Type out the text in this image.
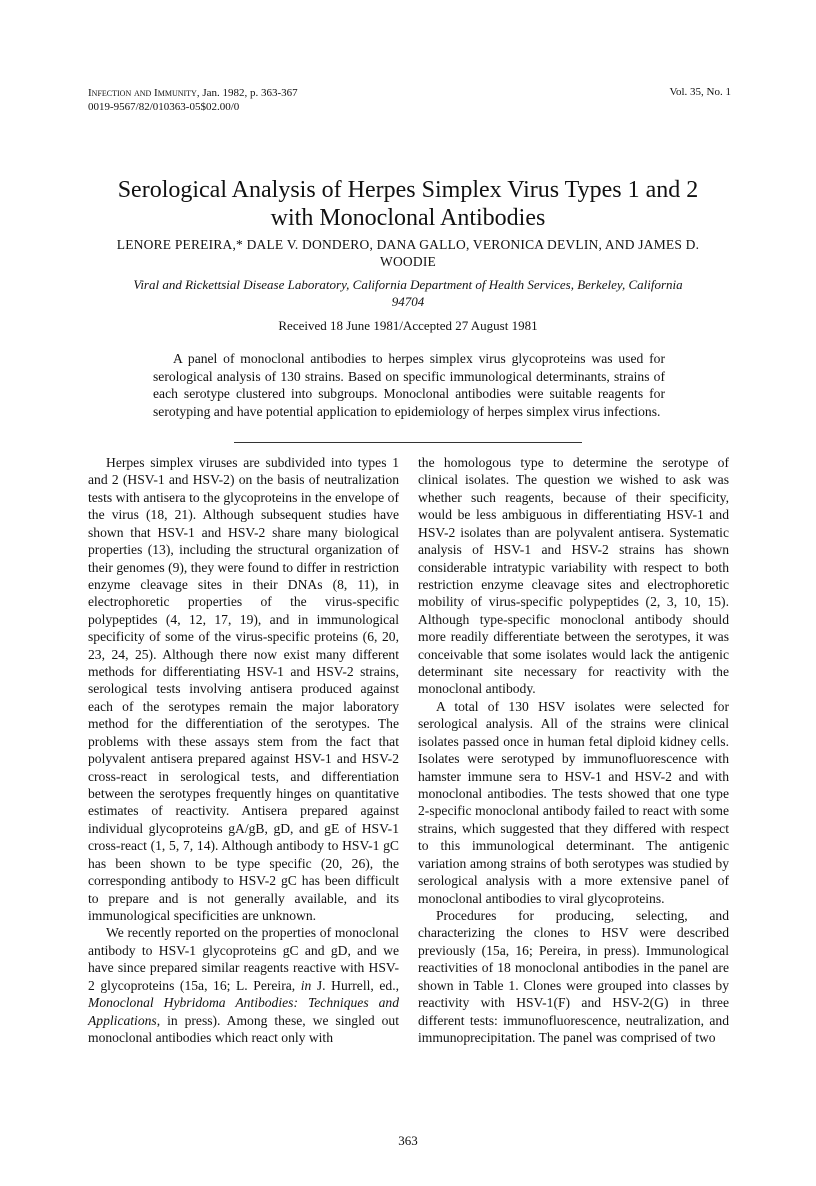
Infection and Immunity, Jan. 1982, p. 363-367
0019-9567/82/010363-05$02.00/0
Vol. 35, No. 1
Serological Analysis of Herpes Simplex Virus Types 1 and 2
with Monoclonal Antibodies
LENORE PEREIRA,* DALE V. DONDERO, DANA GALLO, VERONICA DEVLIN, AND JAMES D.
WOODIE
Viral and Rickettsial Disease Laboratory, California Department of Health Services, Berkeley, California
94704
Received 18 June 1981/Accepted 27 August 1981
A panel of monoclonal antibodies to herpes simplex virus glycoproteins was used for serological analysis of 130 strains. Based on specific immunological determinants, strains of each serotype clustered into subgroups. Monoclonal antibodies were suitable reagents for serotyping and have potential application to epidemiology of herpes simplex virus infections.

Herpes simplex viruses are subdivided into types 1 and 2 (HSV-1 and HSV-2) on the basis of neutralization tests with antisera to the glycoproteins in the envelope of the virus (18, 21). Although subsequent studies have shown that HSV-1 and HSV-2 share many biological properties (13), including the structural organization of their genomes (9), they were found to differ in restriction enzyme cleavage sites in their DNAs (8, 11), in electrophoretic properties of the virus-specific polypeptides (4, 12, 17, 19), and in immunological specificity of some of the virus-specific proteins (6, 20, 23, 24, 25). Although there now exist many different methods for differentiating HSV-1 and HSV-2 strains, serological tests involving antisera produced against each of the serotypes remain the major laboratory method for the differentiation of the serotypes. The problems with these assays stem from the fact that polyvalent antisera prepared against HSV-1 and HSV-2 cross-react in serological tests, and differentiation between the serotypes frequently hinges on quantitative estimates of reactivity. Antisera prepared against individual glycoproteins gA/gB, gD, and gE of HSV-1 cross-react (1, 5, 7, 14). Although antibody to HSV-1 gC has been shown to be type specific (20, 26), the corresponding antibody to HSV-2 gC has been difficult to prepare and is not generally available, and its immunological specificities are unknown.

We recently reported on the properties of monoclonal antibody to HSV-1 glycoproteins gC and gD, and we have since prepared similar reagents reactive with HSV-2 glycoproteins (15a, 16; L. Pereira, in J. Hurrell, ed., Monoclonal Hybridoma Antibodies: Techniques and Applications, in press). Among these, we singled out monoclonal antibodies which react only with

the homologous type to determine the serotype of clinical isolates. The question we wished to ask was whether such reagents, because of their specificity, would be less ambiguous in differentiating HSV-1 and HSV-2 isolates than are polyvalent antisera. Systematic analysis of HSV-1 and HSV-2 strains has shown considerable intratypic variability with respect to both restriction enzyme cleavage sites and electrophoretic mobility of virus-specific polypeptides (2, 3, 10, 15). Although type-specific monoclonal antibody should more readily differentiate between the serotypes, it was conceivable that some isolates would lack the antigenic determinant site necessary for reactivity with the monoclonal antibody.

A total of 130 HSV isolates were selected for serological analysis. All of the strains were clinical isolates passed once in human fetal diploid kidney cells. Isolates were serotyped by immunofluorescence with hamster immune sera to HSV-1 and HSV-2 and with monoclonal antibodies. The tests showed that one type 2-specific monoclonal antibody failed to react with some strains, which suggested that they differed with respect to this immunological determinant. The antigenic variation among strains of both serotypes was studied by serological analysis with a more extensive panel of monoclonal antibodies to viral glycoproteins.

Procedures for producing, selecting, and characterizing the clones to HSV were described previously (15a, 16; Pereira, in press). Immunological reactivities of 18 monoclonal antibodies in the panel are shown in Table 1. Clones were grouped into classes by reactivity with HSV-1(F) and HSV-2(G) in three different tests: immunofluorescence, neutralization, and immunoprecipitation. The panel was comprised of two

363
